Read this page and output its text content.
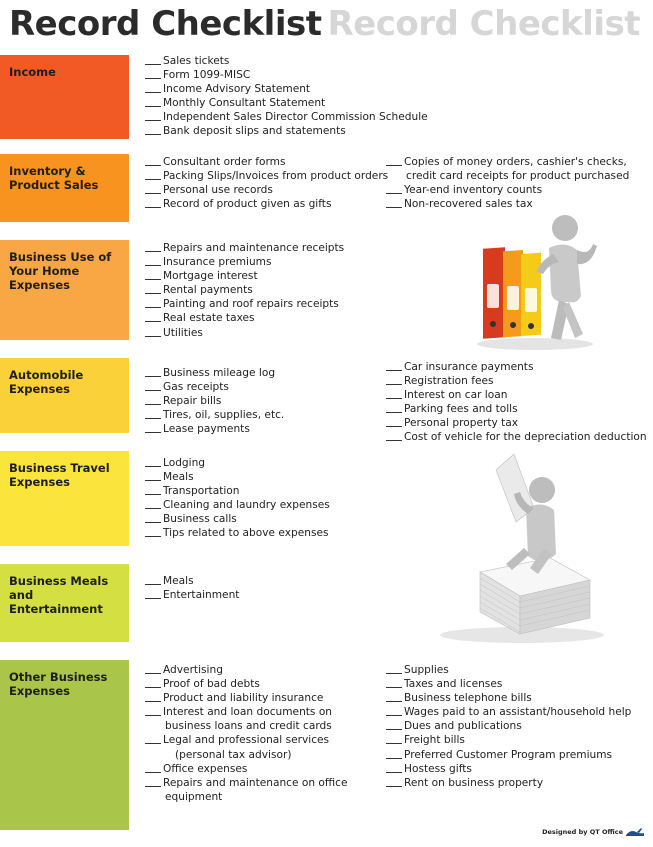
Record Checklist Record Checklist
Income
Sales tickets
Form 1099-MISC
Income Advisory Statement
Monthly Consultant Statement
Independent Sales Director Commission Schedule
Bank deposit slips and statements
Inventory & Product Sales
Consultant order forms
Packing Slips/Invoices from product orders
Personal use records
Record of product given as gifts
Copies of money orders, cashier's checks,
credit card receipts for product purchased
Year-end inventory counts
Non-recovered sales tax
Business Use of Your Home Expenses
Repairs and maintenance receipts
Insurance premiums
Mortgage interest
Rental payments
Painting and roof repairs receipts
Real estate taxes
Utilities
Automobile Expenses
Business mileage log
Gas receipts
Repair bills
Tires, oil, supplies, etc.
Lease payments
Car insurance payments
Registration fees
Interest on car loan
Parking fees and tolls
Personal property tax
Cost of vehicle for the depreciation deduction
Business Travel Expenses
Lodging
Meals
Transportation
Cleaning and laundry expenses
Business calls
Tips related to above expenses
Business Meals and Entertainment
Meals
Entertainment
Other Business Expenses
Advertising
Proof of bad debts
Product and liability insurance
Interest and loan documents on
business loans and credit cards
Legal and professional services
(personal tax advisor)
Office expenses
Repairs and maintenance on office
equipment
Supplies
Taxes and licenses
Business telephone bills
Wages paid to an assistant/household help
Dues and publications
Freight bills
Preferred Customer Program premiums
Hostess gifts
Rent on business property
Designed by QT Office
